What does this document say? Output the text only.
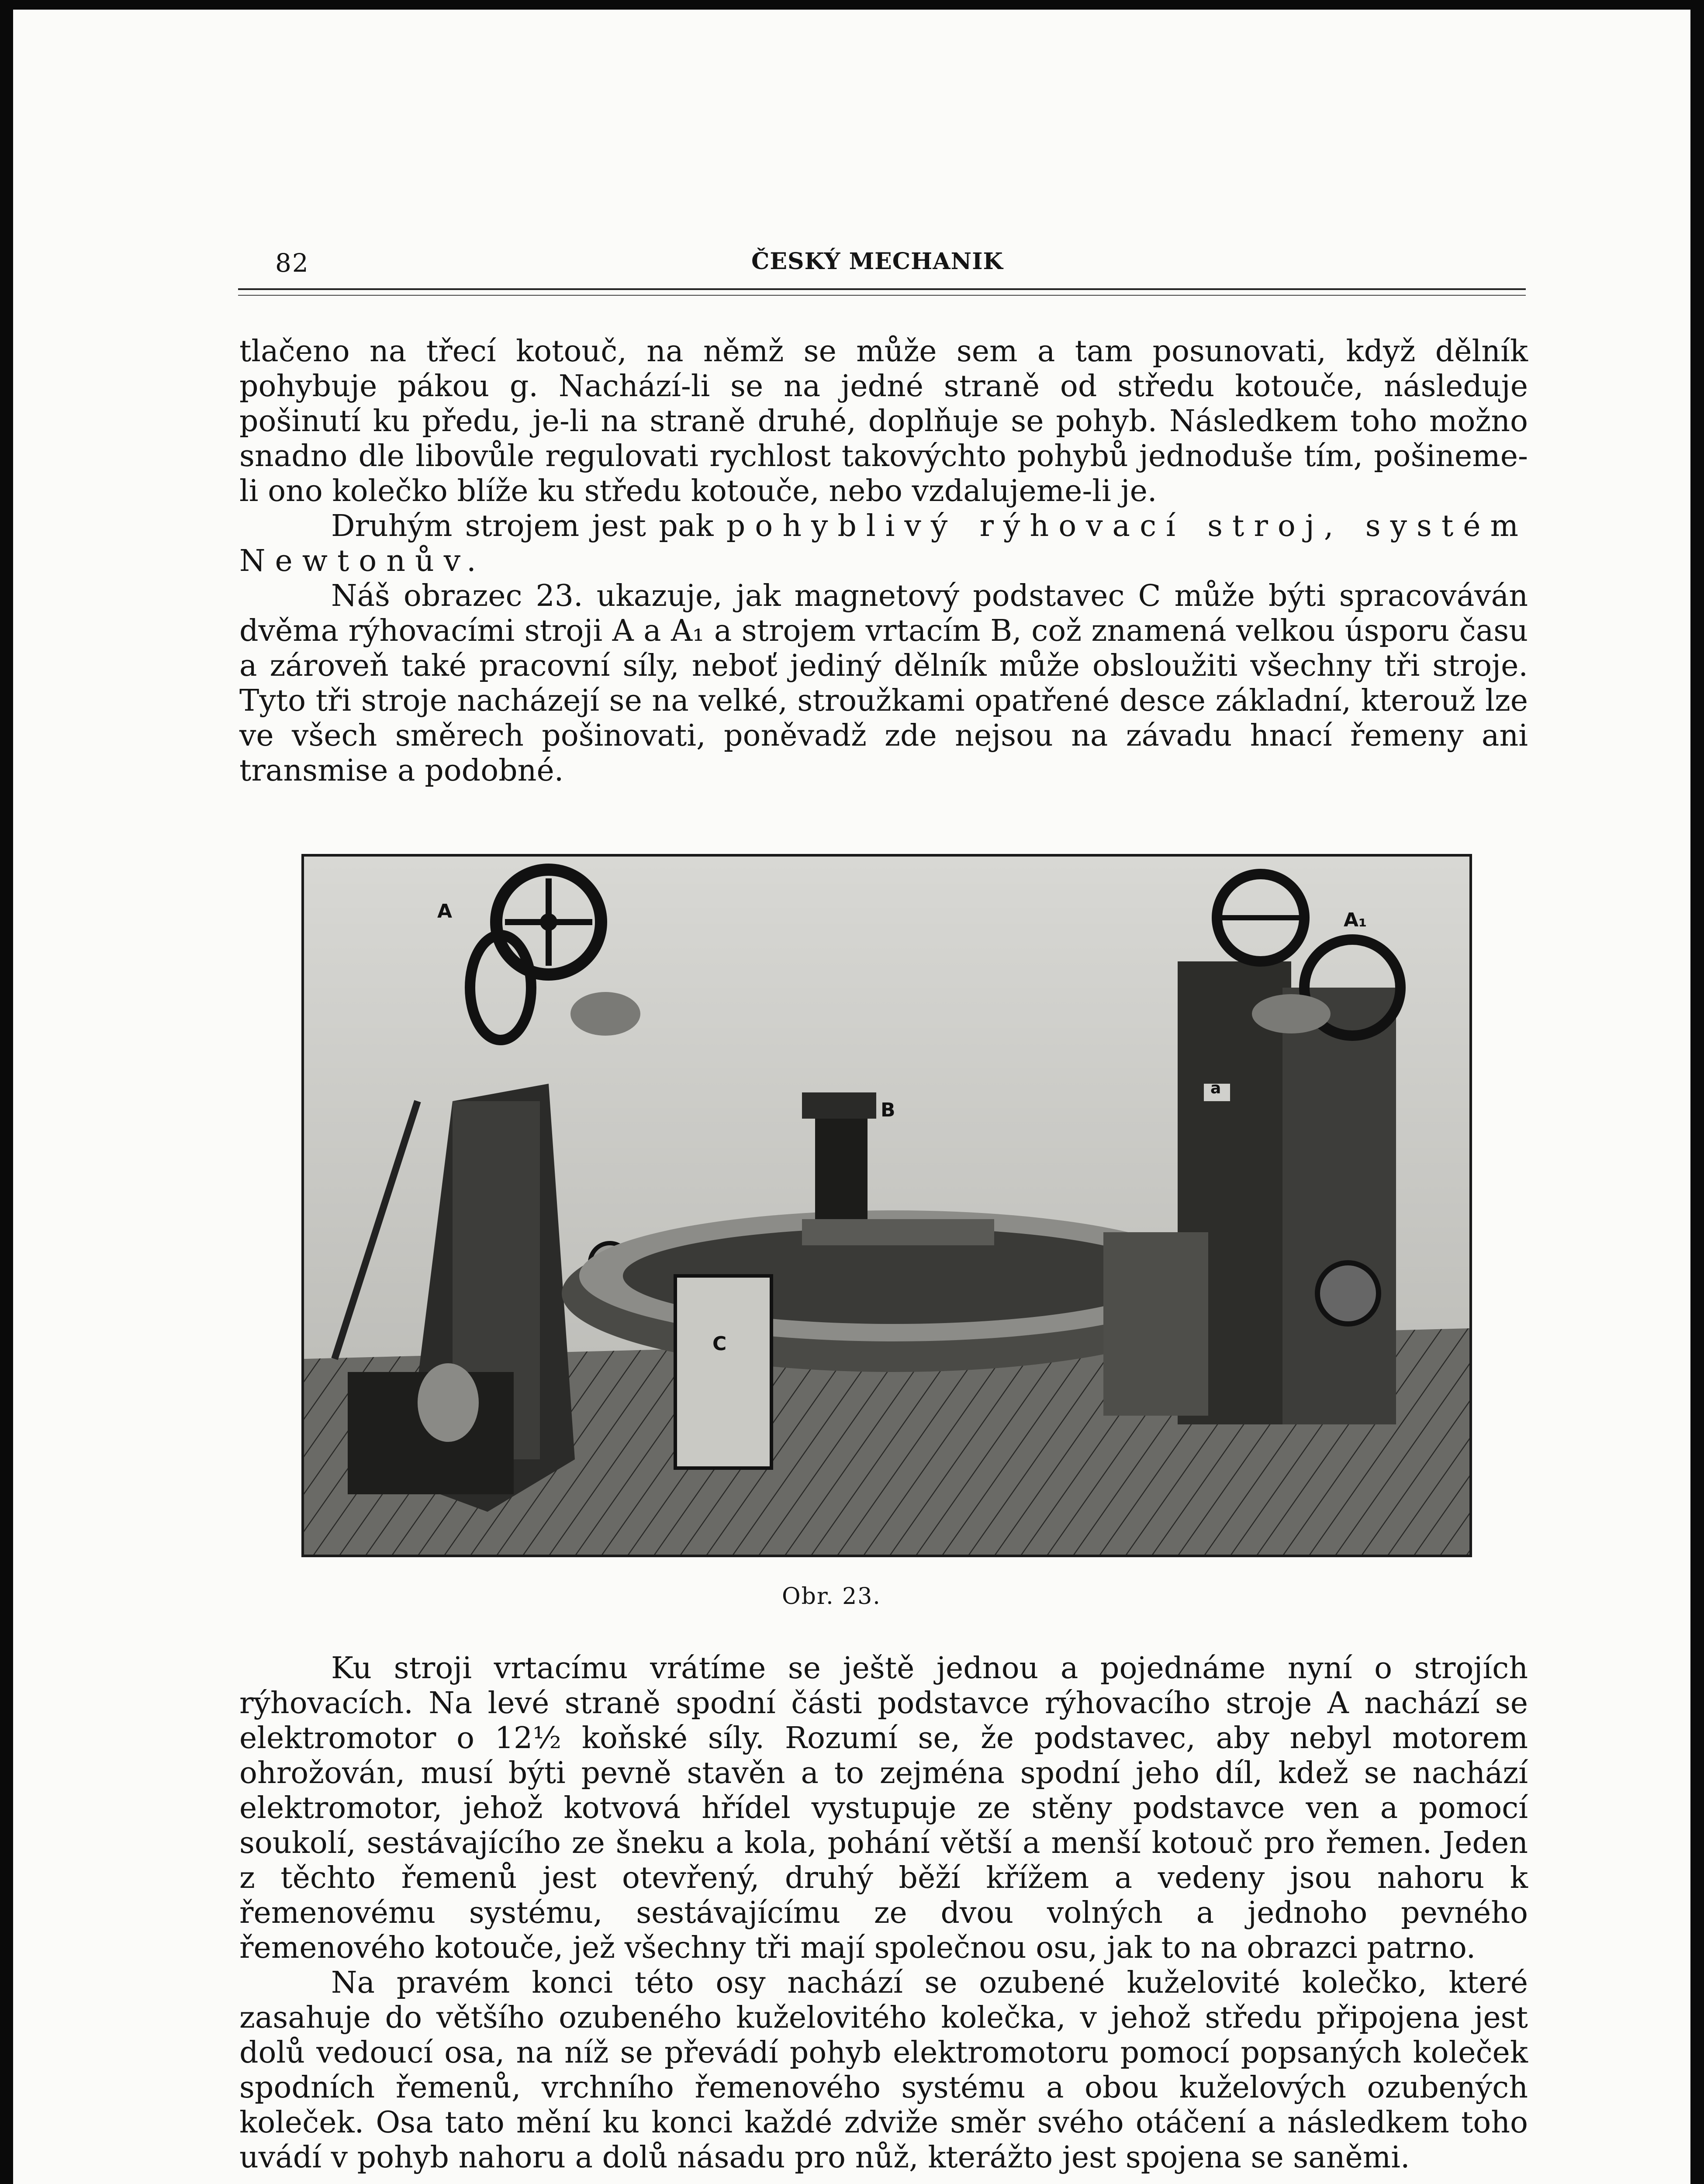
82	ČESKÝ MECHANIK

tlačeno na třecí kotouč, na němž se může sem a tam posunovati, když dělník pohybuje pákou g. Nachází-li se na jedné straně od středu kotouče, následuje pošinutí ku předu, je-li na straně druhé, doplňuje se pohyb. Následkem toho možno snadno dle libovůle regulovati rychlost takovýchto pohybů jednoduše tím, pošineme-li ono kolečko blíže ku středu kotouče, nebo vzdalujeme-li je.

Druhým strojem jest pak pohyblivý rýhovací stroj, systém Newtonův.

Náš obrazec 23. ukazuje, jak magnetový podstavec C může býti spracováván dvěma rýhovacími stroji A a A₁ a strojem vrtacím B, což znamená velkou úsporu času a zároveň také pracovní síly, neboť jediný dělník může obsloužiti všechny tři stroje. Tyto tři stroje nacházejí se na velké, stroužkami opatřené desce základní, kterouž lze ve všech směrech pošinovati, poněvadž zde nejsou na závadu hnací řemeny ani transmise a podobné.

A	A₁
B
C
a
Obr. 23.

Ku stroji vrtacímu vrátíme se ještě jednou a pojednáme nyní o strojích rýhovacích. Na levé straně spodní části podstavce rýhovacího stroje A nachází se elektromotor o 12½ koňské síly. Rozumí se, že podstavec, aby nebyl motorem ohrožován, musí býti pevně stavěn a to zejména spodní jeho díl, kdež se nachází elektromotor, jehož kotvová hřídel vystupuje ze stěny podstavce ven a pomocí soukolí, sestávajícího ze šneku a kola, pohání větší a menší kotouč pro řemen. Jeden z těchto řemenů jest otevřený, druhý běží křížem a vedeny jsou nahoru k řemenovému systému, sestávajícímu ze dvou volných a jednoho pevného řemenového kotouče, jež všechny tři mají společnou osu, jak to na obrazci patrno.

Na pravém konci této osy nachází se ozubené kuželovité kolečko, které zasahuje do většího ozubeného kuželovitého kolečka, v jehož středu připojena jest dolů vedoucí osa, na níž se převádí pohyb elektromotoru pomocí popsaných koleček spodních řemenů, vrchního řemenového systému a obou kuželových ozubených koleček. Osa tato mění ku konci každé zdviže směr svého otáčení a následkem toho uvádí v pohyb nahoru a dolů násadu pro nůž, kterážto jest spojena se saněmi.
